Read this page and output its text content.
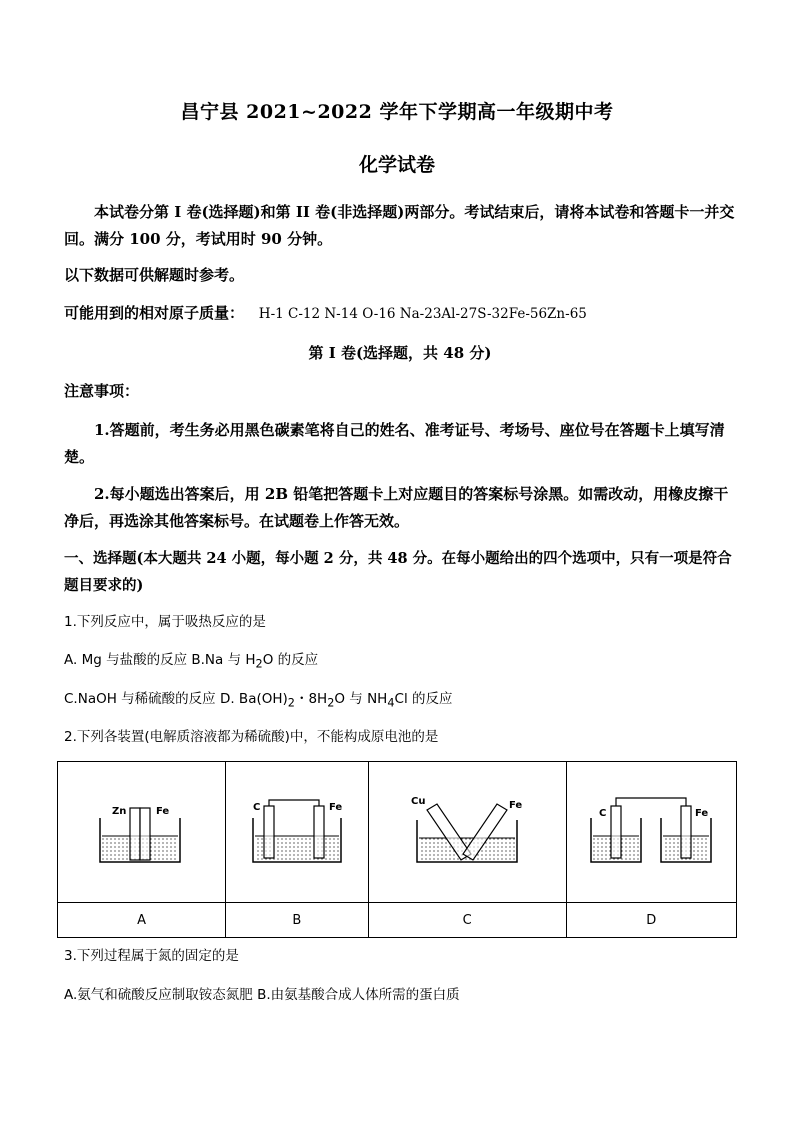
昌宁县 2021~2022 学年下学期高一年级期中考
化学试卷
本试卷分第 I 卷(选择题)和第 II 卷(非选择题)两部分。考试结束后，请将本试卷和答题卡一并交回。满分 100 分，考试用时 90 分钟。
以下数据可供解题时参考。
可能用到的相对原子质量： H-1 C-12 N-14 O-16 Na-23Al-27S-32Fe-56Zn-65
第 I 卷(选择题，共 48 分)
注意事项：
1.答题前，考生务必用黑色碳素笔将自己的姓名、准考证号、考场号、座位号在答题卡上填写清楚。
2.每小题选出答案后，用 2B 铅笔把答题卡上对应题目的答案标号涂黑。如需改动，用橡皮擦干净后，再选涂其他答案标号。在试题卷上作答无效。
一、选择题(本大题共 24 小题，每小题 2 分，共 48 分。在每小题给出的四个选项中，只有一项是符合题目要求的)
1.下列反应中，属于吸热反应的是
A. Mg 与盐酸的反应 B.Na 与 $H_2O$ 的反应
C.NaOH 与稀硫酸的反应 D. $Ba(OH)_2$・$8H_2O$ 与 $NH_4Cl$ 的反应
2.下列各装置(电解质溶液都为稀硫酸)中，不能构成原电池的是
Zn Fe	C Fe	Cu Fe	C Fe

A	B	C	D
3.下列过程属于氮的固定的是
A.氨气和硫酸反应制取铵态氮肥 B.由氨基酸合成人体所需的蛋白质
